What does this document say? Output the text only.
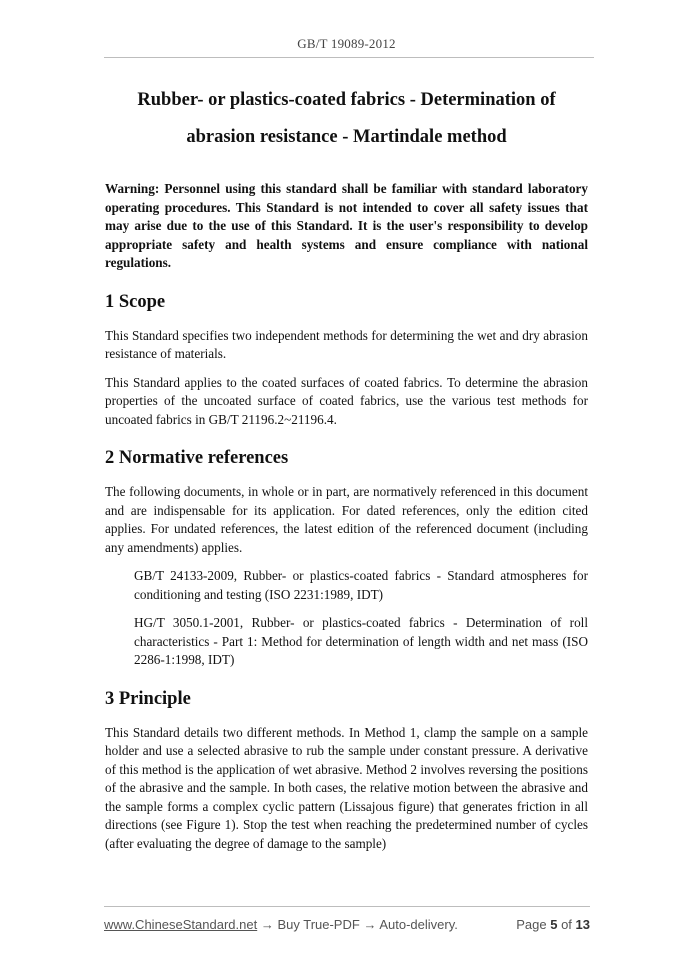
GB/T 19089-2012
Rubber- or plastics-coated fabrics - Determination of
abrasion resistance - Martindale method

Warning: Personnel using this standard shall be familiar with standard laboratory operating procedures. This Standard is not intended to cover all safety issues that may arise due to the use of this Standard. It is the user's responsibility to develop appropriate safety and health systems and ensure compliance with national regulations.

1 Scope

This Standard specifies two independent methods for determining the wet and dry abrasion resistance of materials.

This Standard applies to the coated surfaces of coated fabrics. To determine the abrasion properties of the uncoated surface of coated fabrics, use the various test methods for uncoated fabrics in GB/T 21196.2~21196.4.

2 Normative references

The following documents, in whole or in part, are normatively referenced in this document and are indispensable for its application. For dated references, only the edition cited applies. For undated references, the latest edition of the referenced document (including any amendments) applies.

GB/T 24133-2009, Rubber- or plastics-coated fabrics - Standard atmospheres for conditioning and testing (ISO 2231:1989, IDT)

HG/T 3050.1-2001, Rubber- or plastics-coated fabrics - Determination of roll characteristics - Part 1: Method for determination of length width and net mass (ISO 2286-1:1998, IDT)

3 Principle

This Standard details two different methods. In Method 1, clamp the sample on a sample holder and use a selected abrasive to rub the sample under constant pressure. A derivative of this method is the application of wet abrasive. Method 2 involves reversing the positions of the abrasive and the sample. In both cases, the relative motion between the abrasive and the sample forms a complex cyclic pattern (Lissajous figure) that generates friction in all directions (see Figure 1). Stop the test when reaching the predetermined number of cycles (after evaluating the degree of damage to the sample)

www.ChineseStandard.net → Buy True-PDF → Auto-delivery.	Page 5 of 13
